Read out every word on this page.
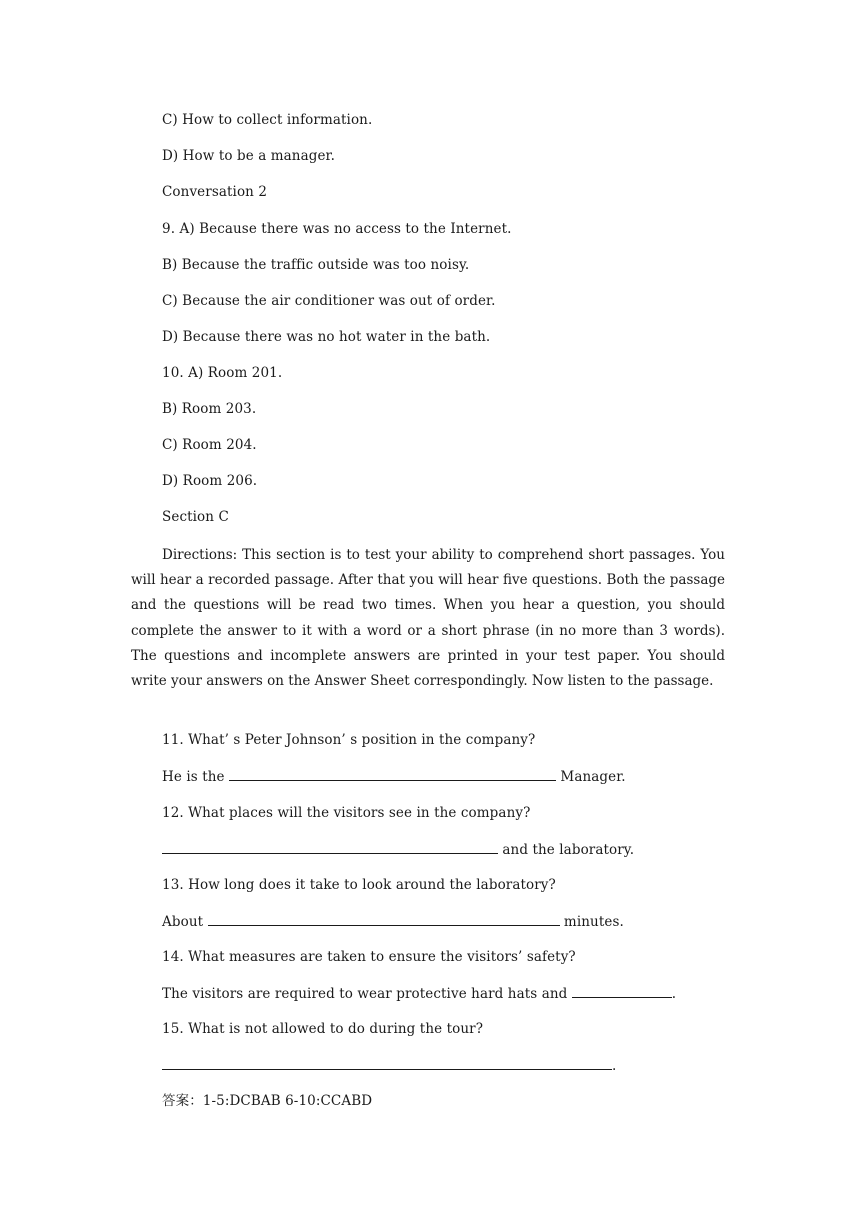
C) How to collect information.
D) How to be a manager.
Conversation 2
9. A) Because there was no access to the Internet.
B) Because the traffic outside was too noisy.
C) Because the air conditioner was out of order.
D) Because there was no hot water in the bath.
10. A) Room 201.
B) Room 203.
C) Room 204.
D) Room 206.
Section C
Directions: This section is to test your ability to comprehend short passages. You will hear a recorded passage. After that you will hear five questions. Both the passage and the questions will be read two times. When you hear a question, you should complete the answer to it with a word or a short phrase (in no more than 3 words). The questions and incomplete answers are printed in your test paper. You should write your answers on the Answer Sheet correspondingly. Now listen to the passage.
11. What’ s Peter Johnson’ s position in the company?
He is the	Manager.
12. What places will the visitors see in the company?
and the laboratory.
13. How long does it take to look around the laboratory?
About	minutes.
14. What measures are taken to ensure the visitors’ safety?
The visitors are required to wear protective hard hats and	.
15. What is not allowed to do during the tour?
.
答案：1-5:DCBAB 6-10:CCABD
